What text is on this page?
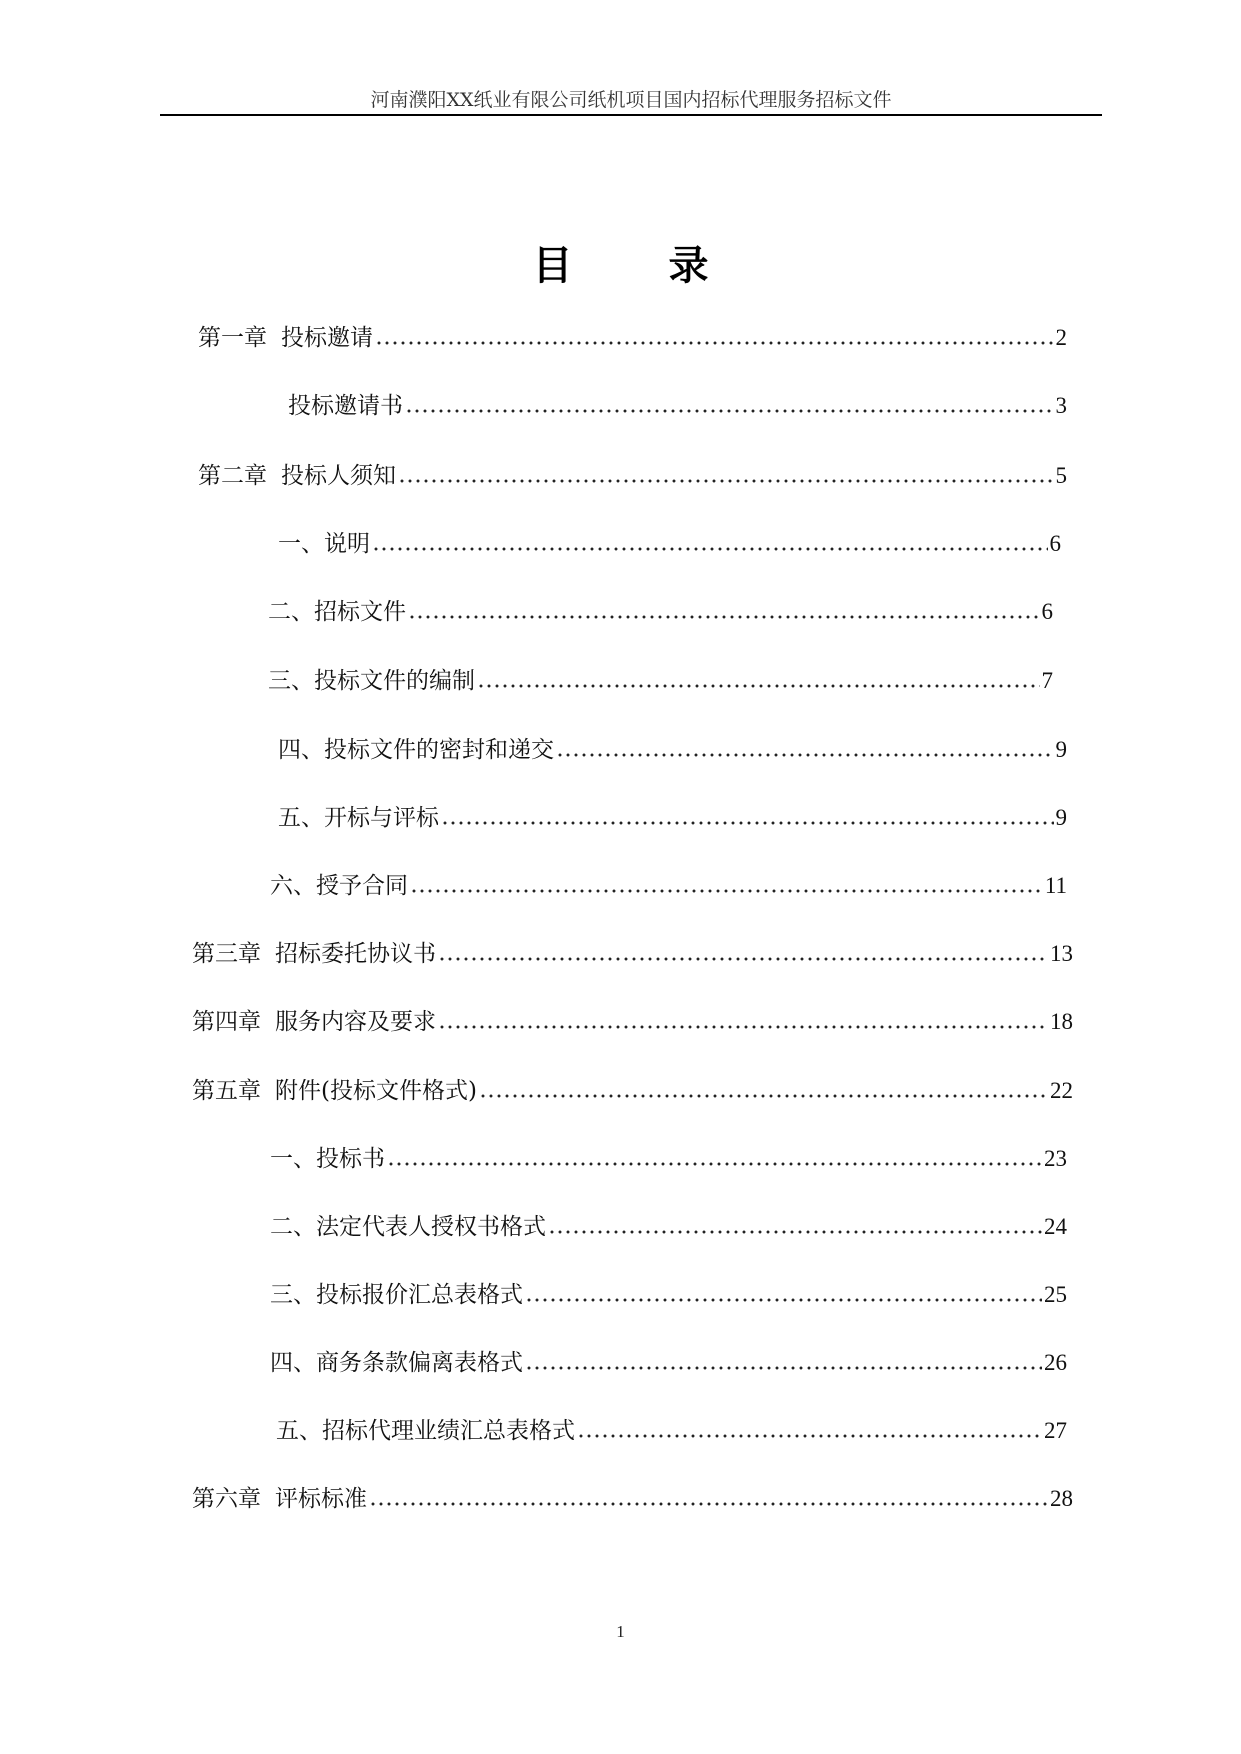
河南濮阳XX纸业有限公司纸机项目国内招标代理服务招标文件
目录
第一章 投标邀请	2
投标邀请书	3
第二章 投标人须知	5
一、说明	6
二、招标文件	6
三、投标文件的编制	7
四、投标文件的密封和递交	9
五、开标与评标	9
六、授予合同	11
第三章 招标委托协议书	13
第四章 服务内容及要求	18
第五章 附件(投标文件格式)	22
一、投标书	23
二、法定代表人授权书格式	24
三、投标报价汇总表格式	25
四、商务条款偏离表格式	26
五、招标代理业绩汇总表格式	27
第六章 评标标准	28
1
